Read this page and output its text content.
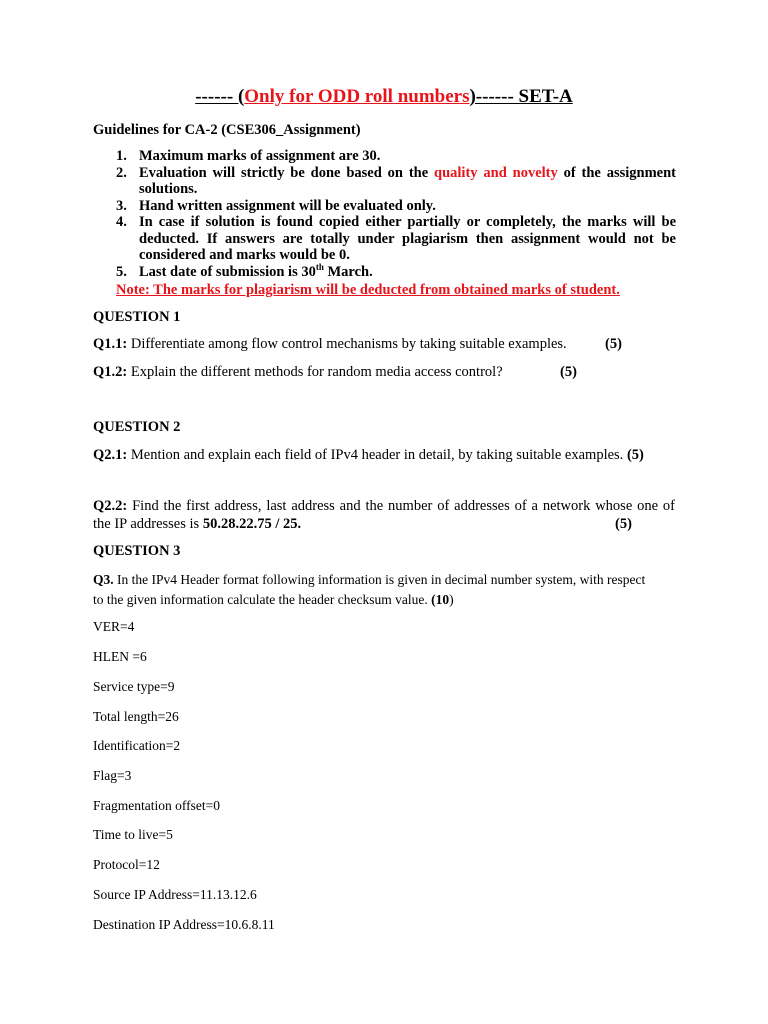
------ (Only for ODD roll numbers)------ SET-A
Guidelines for CA-2 (CSE306_Assignment)
1. Maximum marks of assignment are 30.
2. Evaluation will strictly be done based on the quality and novelty of the assignment solutions.
3. Hand written assignment will be evaluated only.
4. In case if solution is found copied either partially or completely, the marks will be deducted. If answers are totally under plagiarism then assignment would not be considered and marks would be 0.
5. Last date of submission is 30th March.
Note: The marks for plagiarism will be deducted from obtained marks of student.
QUESTION 1
Q1.1: Differentiate among flow control mechanisms by taking suitable examples.	(5)
Q1.2: Explain the different methods for random media access control?	(5)
QUESTION 2
Q2.1: Mention and explain each field of IPv4 header in detail, by taking suitable examples. (5)
Q2.2: Find the first address, last address and the number of addresses of a network whose one of the IP addresses is 50.28.22.75 / 25.	(5)
QUESTION 3
Q3. In the IPv4 Header format following information is given in decimal number system, with respect to the given information calculate the header checksum value. (10)
VER=4
HLEN =6
Service type=9
Total length=26
Identification=2
Flag=3
Fragmentation offset=0
Time to live=5
Protocol=12
Source IP Address=11.13.12.6
Destination IP Address=10.6.8.11
